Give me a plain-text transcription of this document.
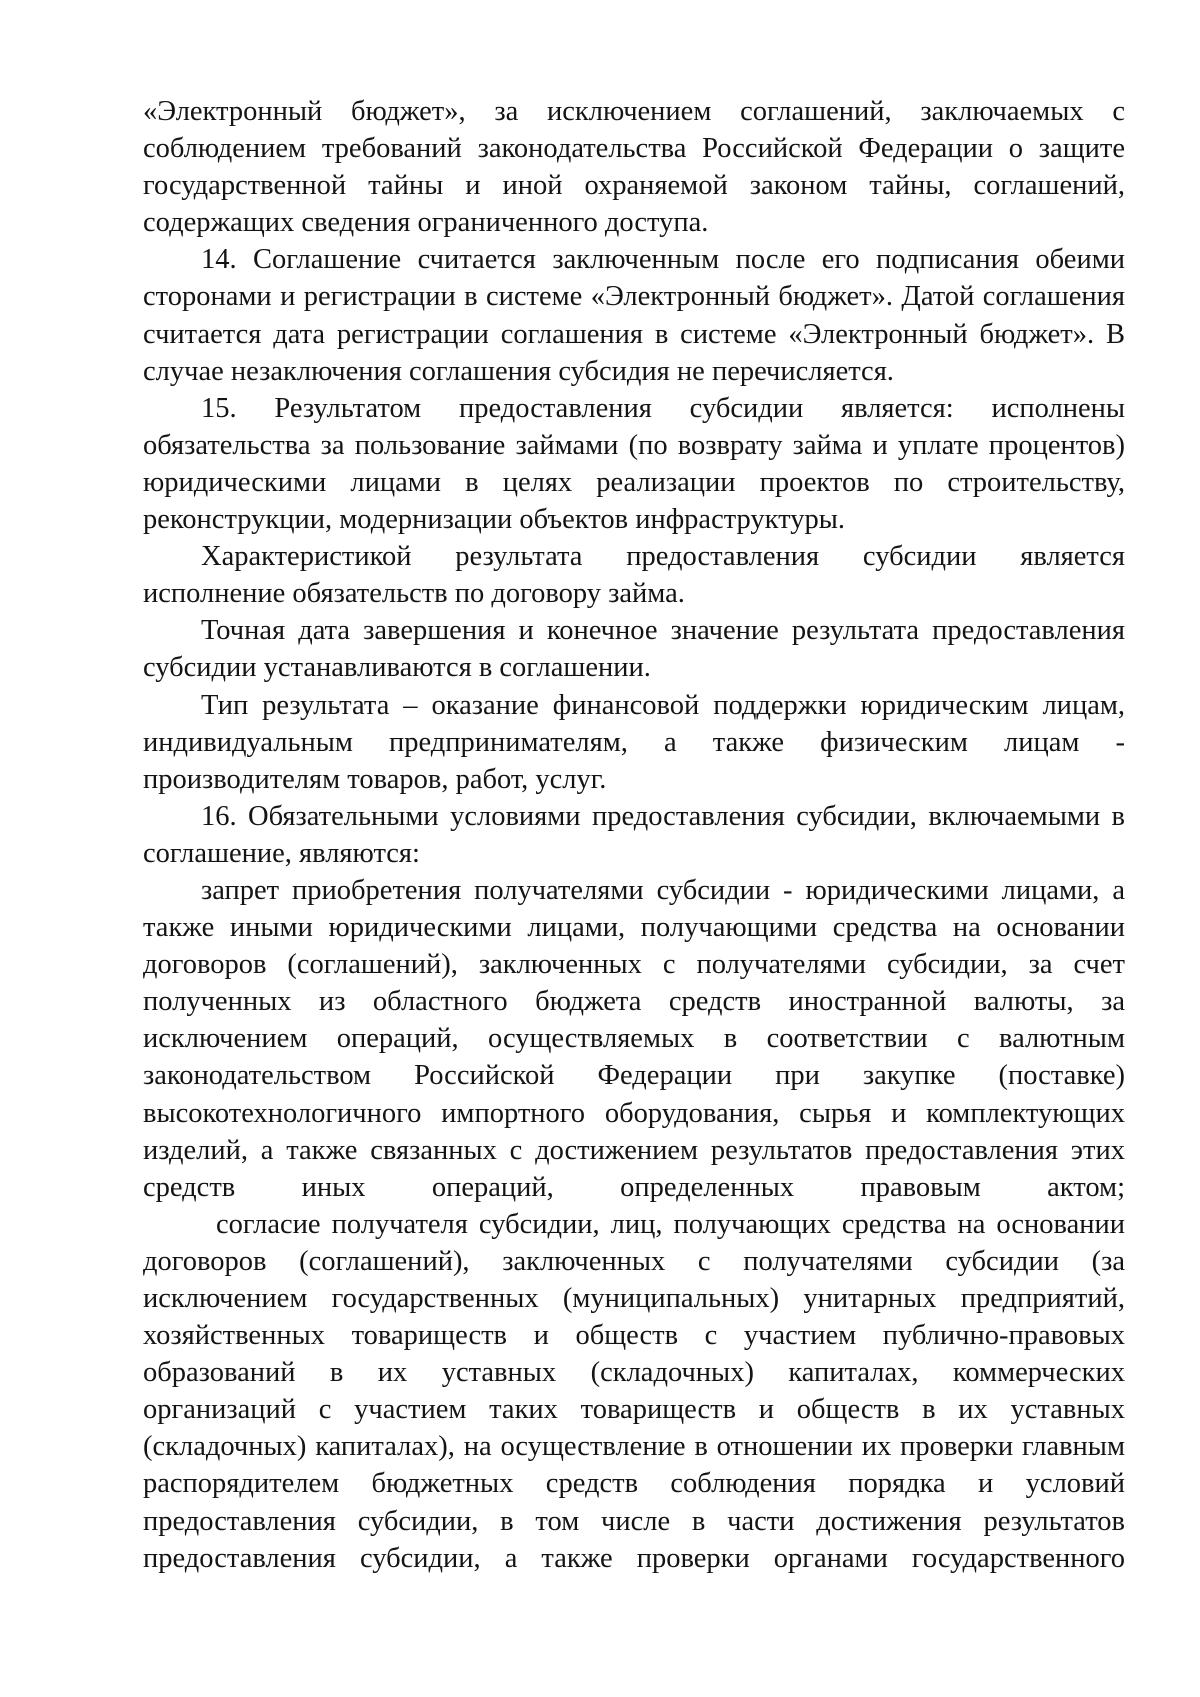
«Электронный бюджет», за исключением соглашений, заключаемых с
соблюдением требований законодательства Российской Федерации о защите
государственной тайны и иной охраняемой законом тайны, соглашений,
содержащих сведения ограниченного доступа.
14. Соглашение считается заключенным после его подписания обеими
сторонами и регистрации в системе «Электронный бюджет». Датой соглашения
считается дата регистрации соглашения в системе «Электронный бюджет». В
случае незаключения соглашения субсидия не перечисляется.
15. Результатом предоставления субсидии является: исполнены
обязательства за пользование займами (по возврату займа и уплате процентов)
юридическими лицами в целях реализации проектов по строительству,
реконструкции, модернизации объектов инфраструктуры.
Характеристикой результата предоставления субсидии является
исполнение обязательств по договору займа.
Точная дата завершения и конечное значение результата предоставления
субсидии устанавливаются в соглашении.
Тип результата – оказание финансовой поддержки юридическим лицам,
индивидуальным предпринимателям, а также физическим лицам -
производителям товаров, работ, услуг.
16. Обязательными условиями предоставления субсидии, включаемыми в
соглашение, являются:
запрет приобретения получателями субсидии - юридическими лицами, а
также иными юридическими лицами, получающими средства на основании
договоров (соглашений), заключенных с получателями субсидии, за счет
полученных из областного бюджета средств иностранной валюты, за
исключением операций, осуществляемых в соответствии с валютным
законодательством Российской Федерации при закупке (поставке)
высокотехнологичного импортного оборудования, сырья и комплектующих
изделий, а также связанных с достижением результатов предоставления этих
средств иных операций, определенных правовым актом;
согласие получателя субсидии, лиц, получающих средства на основании
договоров (соглашений), заключенных с получателями субсидии (за
исключением государственных (муниципальных) унитарных предприятий,
хозяйственных товариществ и обществ с участием публично-правовых
образований в их уставных (складочных) капиталах, коммерческих
организаций с участием таких товариществ и обществ в их уставных
(складочных) капиталах), на осуществление в отношении их проверки главным
распорядителем бюджетных средств соблюдения порядка и условий
предоставления субсидии, в том числе в части достижения результатов
предоставления субсидии, а также проверки органами государственного
